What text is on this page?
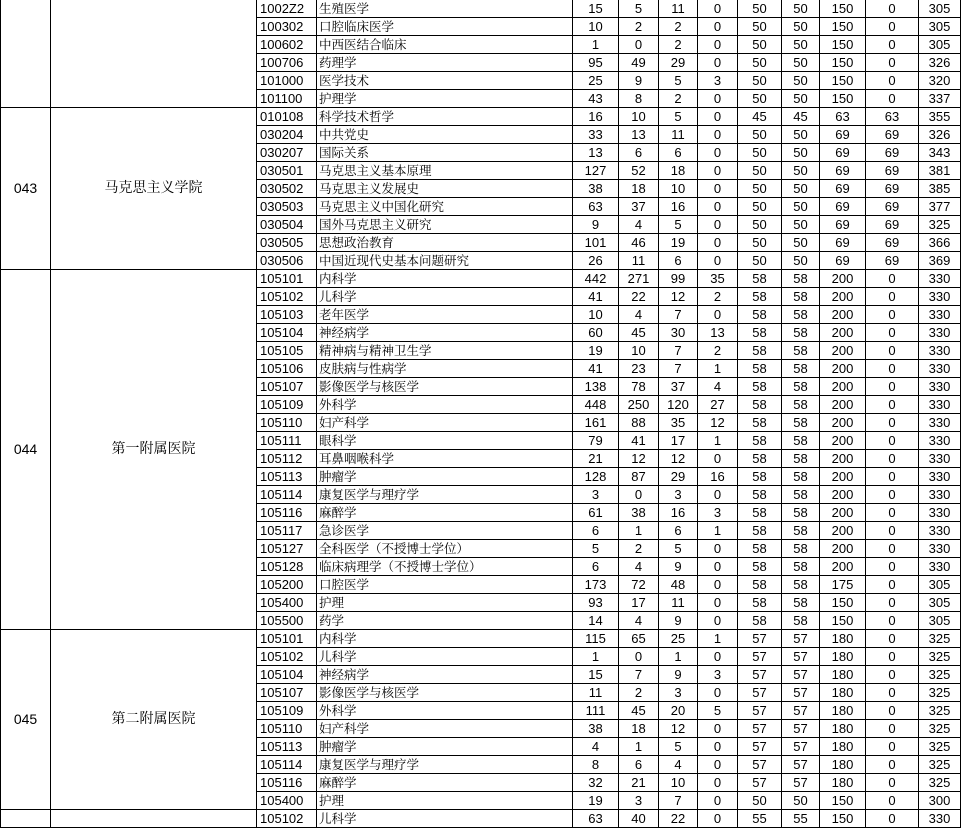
		1002Z2	生殖医学	15	5	11	0	50	50	150	0	305
		100302	口腔临床医学	10	2	2	0	50	50	150	0	305
		100602	中西医结合临床	1	0	2	0	50	50	150	0	305
		100706	药理学	95	49	29	0	50	50	150	0	326
		101000	医学技术	25	9	5	3	50	50	150	0	320
		101100	护理学	43	8	2	0	50	50	150	0	337
043	马克思主义学院	010108	科学技术哲学	16	10	5	0	45	45	63	63	355
		030204	中共党史	33	13	11	0	50	50	69	69	326
		030207	国际关系	13	6	6	0	50	50	69	69	343
		030501	马克思主义基本原理	127	52	18	0	50	50	69	69	381
		030502	马克思主义发展史	38	18	10	0	50	50	69	69	385
		030503	马克思主义中国化研究	63	37	16	0	50	50	69	69	377
		030504	国外马克思主义研究	9	4	5	0	50	50	69	69	325
		030505	思想政治教育	101	46	19	0	50	50	69	69	366
		030506	中国近现代史基本问题研究	26	11	6	0	50	50	69	69	369
044	第一附属医院	105101	内科学	442	271	99	35	58	58	200	0	330
		105102	儿科学	41	22	12	2	58	58	200	0	330
		105103	老年医学	10	4	7	0	58	58	200	0	330
		105104	神经病学	60	45	30	13	58	58	200	0	330
		105105	精神病与精神卫生学	19	10	7	2	58	58	200	0	330
		105106	皮肤病与性病学	41	23	7	1	58	58	200	0	330
		105107	影像医学与核医学	138	78	37	4	58	58	200	0	330
		105109	外科学	448	250	120	27	58	58	200	0	330
		105110	妇产科学	161	88	35	12	58	58	200	0	330
		105111	眼科学	79	41	17	1	58	58	200	0	330
		105112	耳鼻咽喉科学	21	12	12	0	58	58	200	0	330
		105113	肿瘤学	128	87	29	16	58	58	200	0	330
		105114	康复医学与理疗学	3	0	3	0	58	58	200	0	330
		105116	麻醉学	61	38	16	3	58	58	200	0	330
		105117	急诊医学	6	1	6	1	58	58	200	0	330
		105127	全科医学（不授博士学位）	5	2	5	0	58	58	200	0	330
		105128	临床病理学（不授博士学位）	6	4	9	0	58	58	200	0	330
		105200	口腔医学	173	72	48	0	58	58	175	0	305
		105400	护理	93	17	11	0	58	58	150	0	305
		105500	药学	14	4	9	0	58	58	150	0	305
045	第二附属医院	105101	内科学	115	65	25	1	57	57	180	0	325
		105102	儿科学	1	0	1	0	57	57	180	0	325
		105104	神经病学	15	7	9	3	57	57	180	0	325
		105107	影像医学与核医学	11	2	3	0	57	57	180	0	325
		105109	外科学	111	45	20	5	57	57	180	0	325
		105110	妇产科学	38	18	12	0	57	57	180	0	325
		105113	肿瘤学	4	1	5	0	57	57	180	0	325
		105114	康复医学与理疗学	8	6	4	0	57	57	180	0	325
		105116	麻醉学	32	21	10	0	57	57	180	0	325
		105400	护理	19	3	7	0	50	50	150	0	300
		105102	儿科学	63	40	22	0	55	55	150	0	330
